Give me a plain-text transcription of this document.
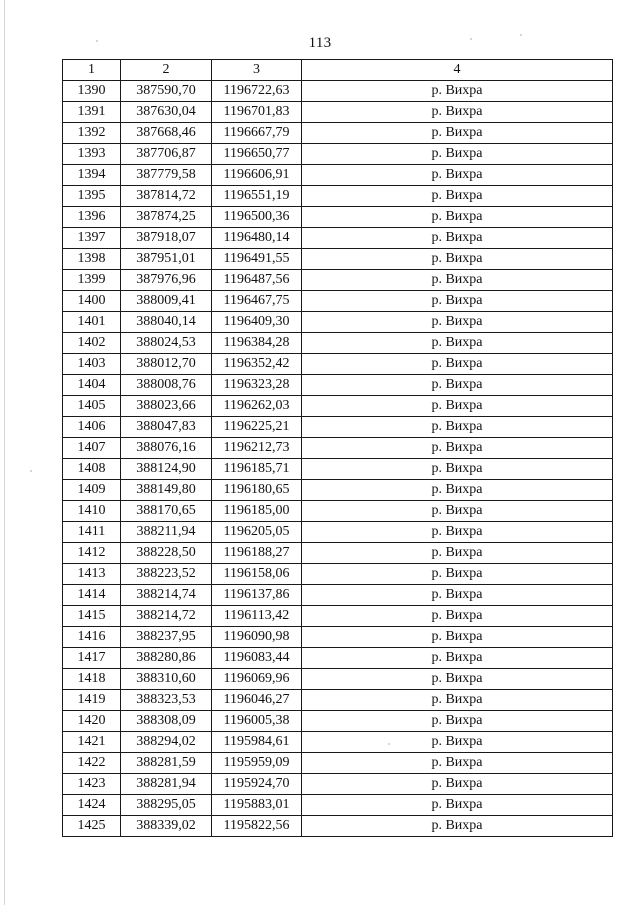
113
1	2	3	4
1390	387590,70	1196722,63	р. Вихра
1391	387630,04	1196701,83	р. Вихра
1392	387668,46	1196667,79	р. Вихра
1393	387706,87	1196650,77	р. Вихра
1394	387779,58	1196606,91	р. Вихра
1395	387814,72	1196551,19	р. Вихра
1396	387874,25	1196500,36	р. Вихра
1397	387918,07	1196480,14	р. Вихра
1398	387951,01	1196491,55	р. Вихра
1399	387976,96	1196487,56	р. Вихра
1400	388009,41	1196467,75	р. Вихра
1401	388040,14	1196409,30	р. Вихра
1402	388024,53	1196384,28	р. Вихра
1403	388012,70	1196352,42	р. Вихра
1404	388008,76	1196323,28	р. Вихра
1405	388023,66	1196262,03	р. Вихра
1406	388047,83	1196225,21	р. Вихра
1407	388076,16	1196212,73	р. Вихра
1408	388124,90	1196185,71	р. Вихра
1409	388149,80	1196180,65	р. Вихра
1410	388170,65	1196185,00	р. Вихра
1411	388211,94	1196205,05	р. Вихра
1412	388228,50	1196188,27	р. Вихра
1413	388223,52	1196158,06	р. Вихра
1414	388214,74	1196137,86	р. Вихра
1415	388214,72	1196113,42	р. Вихра
1416	388237,95	1196090,98	р. Вихра
1417	388280,86	1196083,44	р. Вихра
1418	388310,60	1196069,96	р. Вихра
1419	388323,53	1196046,27	р. Вихра
1420	388308,09	1196005,38	р. Вихра
1421	388294,02	1195984,61	р. Вихра
1422	388281,59	1195959,09	р. Вихра
1423	388281,94	1195924,70	р. Вихра
1424	388295,05	1195883,01	р. Вихра
1425	388339,02	1195822,56	р. Вихра
